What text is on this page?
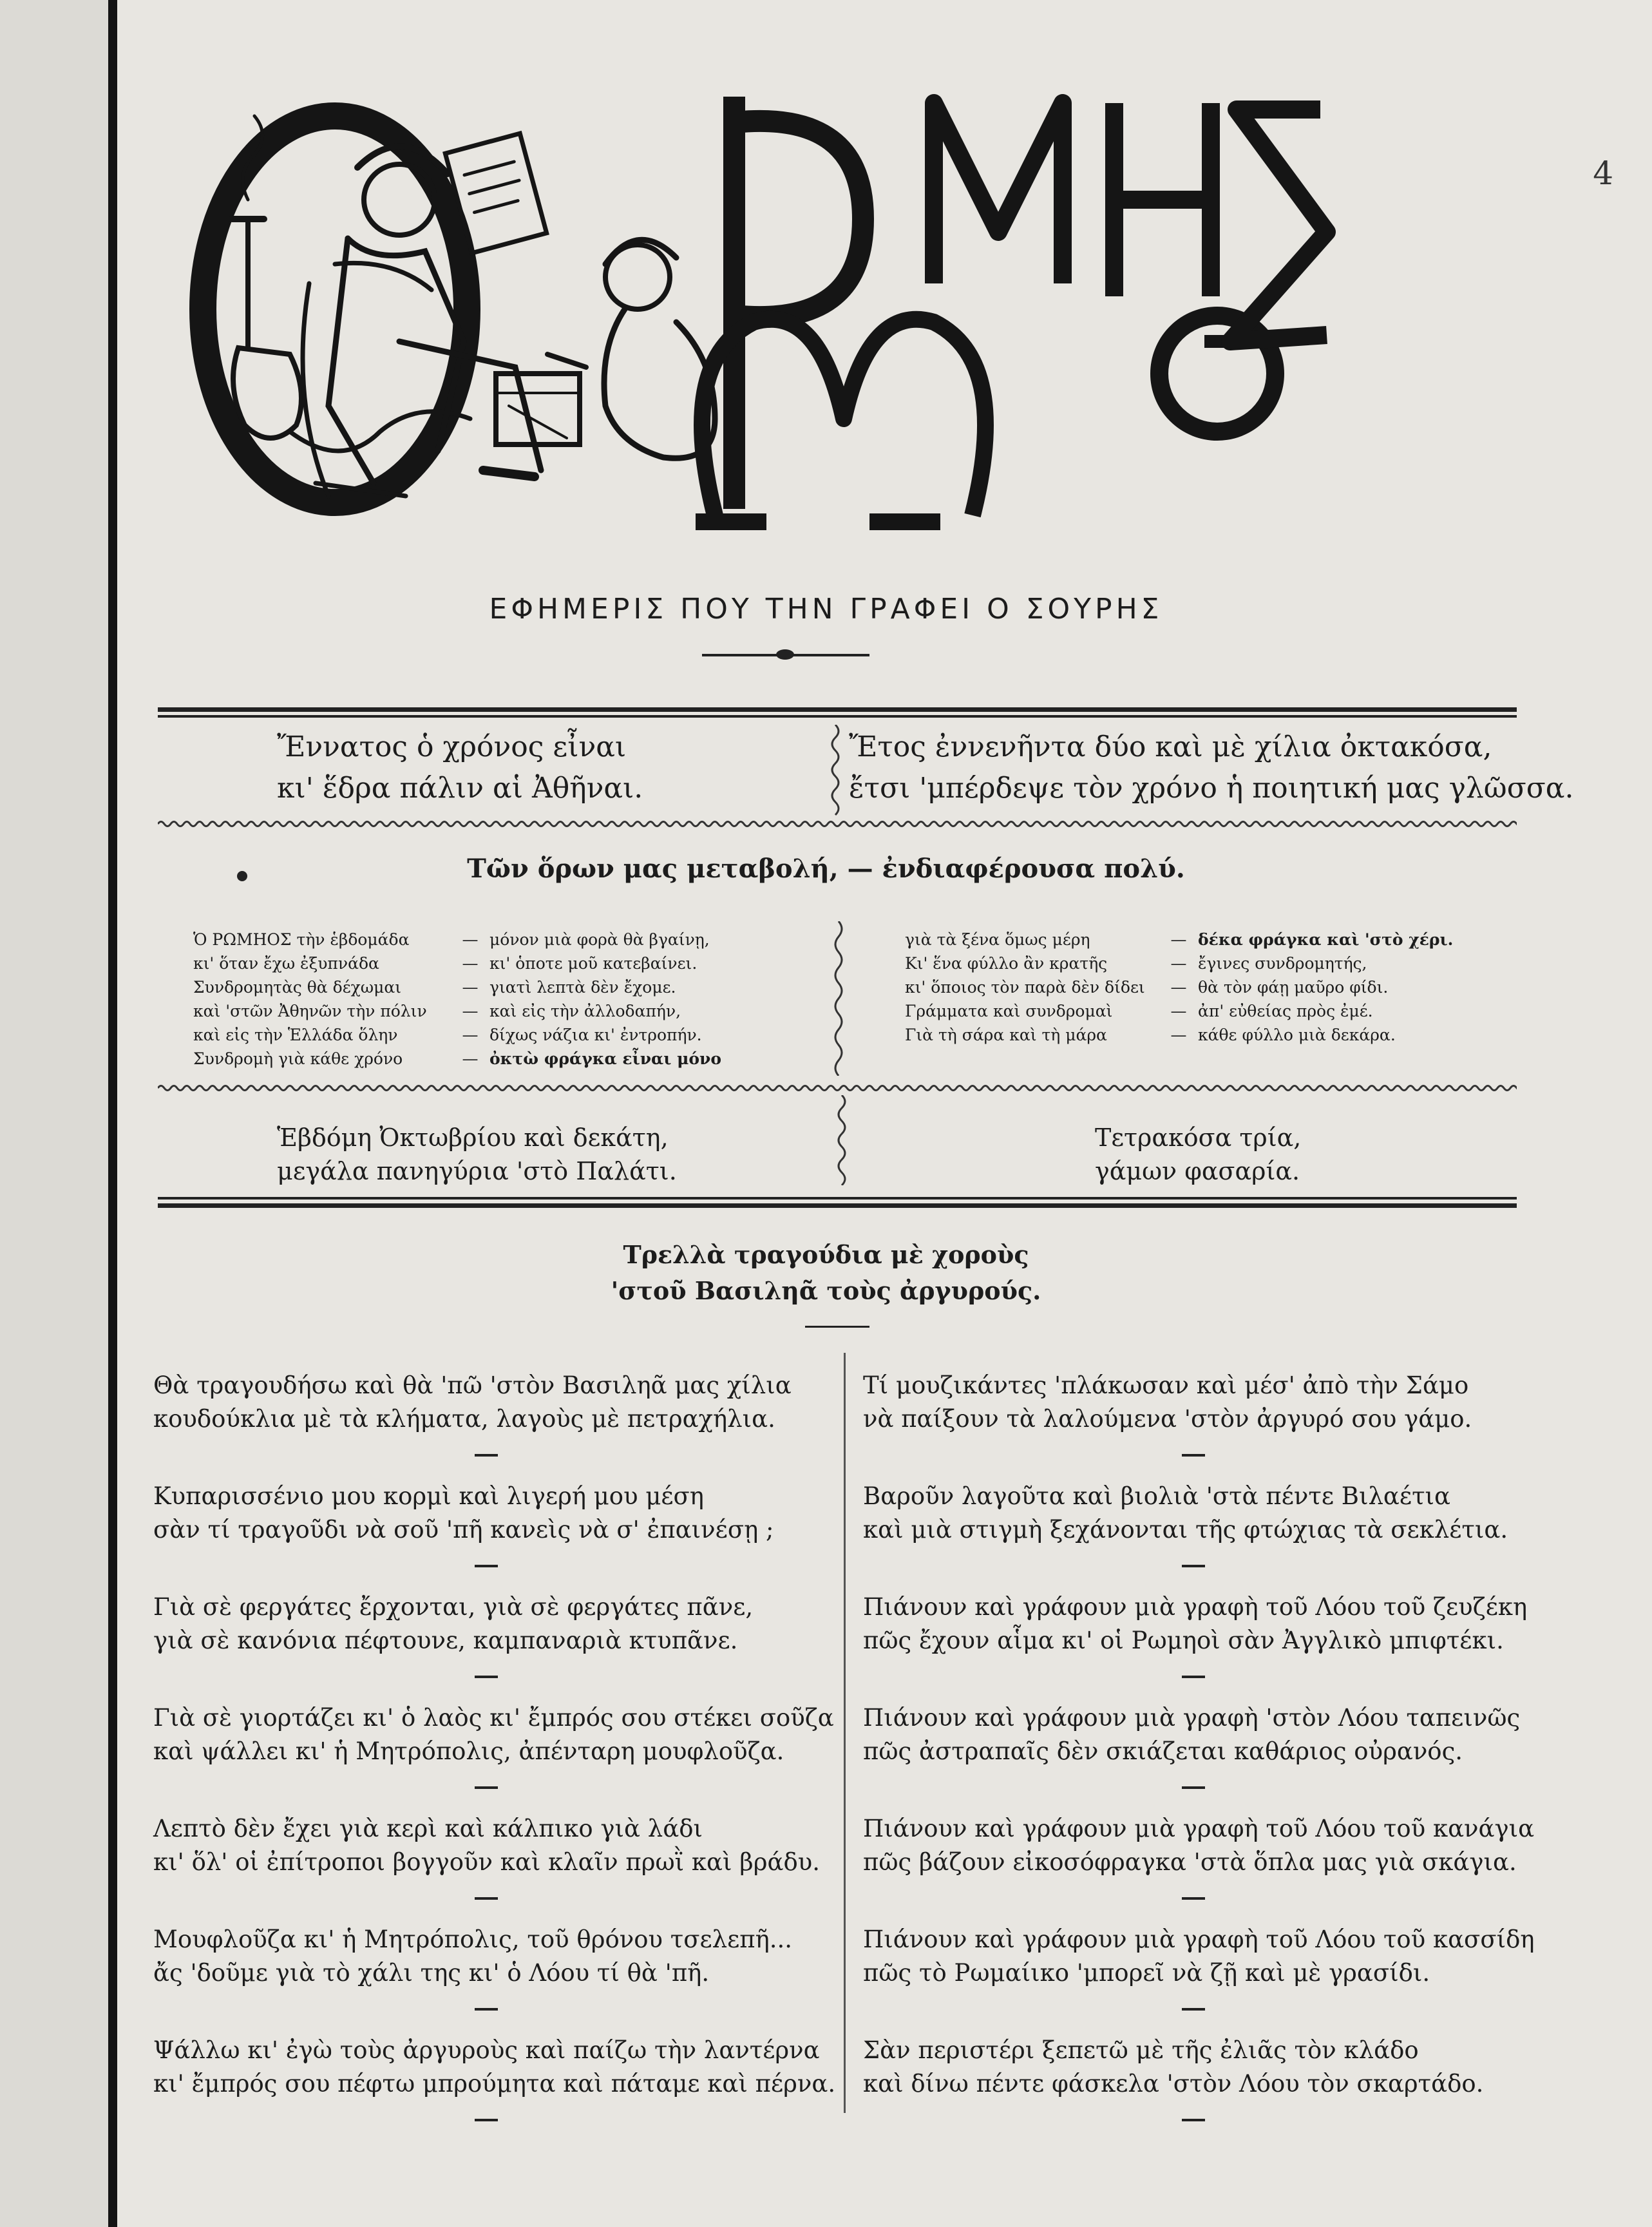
4
ΕΦΗΜΕΡΙΣ ΠΟΥ ΤΗΝ ΓΡΑΦΕΙ Ο ΣΟΥΡΗΣ
Ἔννατος ὁ χρόνος εἶναι
κι' ἕδρα πάλιν αἱ Ἀθῆναι.
Ἔτος ἐννενῆντα δύο καὶ μὲ χίλια ὀκτακόσα,
ἔτσι 'μπέρδεψε τὸν χρόνο ἡ ποιητική μας γλῶσσα.
Τῶν ὅρων μας μεταβολή, — ἐνδιαφέρουσα πολύ.
Ὁ ΡΩΜΗΟΣ τὴν ἑβδομάδα	— μόνον μιὰ φορὰ θὰ βγαίνῃ,
κι' ὅταν ἔχω ἐξυπνάδα	— κι' ὁποτε μοῦ κατεβαίνει.
Συνδρομητὰς θὰ δέχωμαι	— γιατὶ λεπτὰ δὲν ἔχομε.
καὶ 'στῶν Ἀθηνῶν τὴν πόλιν	— καὶ εἰς τὴν ἀλλοδαπήν,
καὶ εἰς τὴν Ἑλλάδα ὅλην	— δίχως νάζια κι' ἐντροπήν.
Συνδρομὴ γιὰ κάθε χρόνο	— ὀκτὼ φράγκα εἶναι μόνο
γιὰ τὰ ξένα ὅμως μέρη	— δέκα φράγκα καὶ 'στὸ χέρι.
Κι' ἕνα φύλλο ἂν κρατῆς	— ἔγινες συνδρομητής,
κι' ὅποιος τὸν παρὰ δὲν δίδει	— θὰ τὸν φάῃ μαῦρο φίδι.
Γράμματα καὶ συνδρομαὶ	— ἀπ' εὐθείας πρὸς ἐμέ.
Γιὰ τὴ σάρα καὶ τὴ μάρα	— κάθε φύλλο μιὰ δεκάρα.
Ἑβδόμη Ὀκτωβρίου καὶ δεκάτη,
μεγάλα πανηγύρια 'στὸ Παλάτι.
Τετρακόσα τρία,
γάμων φασαρία.
Τρελλὰ τραγούδια μὲ χοροὺς
'στοῦ Βασιληᾶ τοὺς ἀργυρούς.
Θὰ τραγουδήσω καὶ θὰ 'πῶ 'στὸν Βασιληᾶ μας χίλια
κουδούκλια μὲ τὰ κλήματα, λαγοὺς μὲ πετραχήλια.
Κυπαρισσένιο μου κορμὶ καὶ λιγερή μου μέση
σὰν τί τραγοῦδι νὰ σοῦ 'πῆ κανεὶς νὰ σ' ἐπαινέσῃ ;
Γιὰ σὲ φεργάτες ἔρχονται, γιὰ σὲ φεργάτες πᾶνε,
γιὰ σὲ κανόνια πέφτουνε, καμπαναριὰ κτυπᾶνε.
Γιὰ σὲ γιορτάζει κι' ὁ λαὸς κι' ἔμπρός σου στέκει σοῦζα
καὶ ψάλλει κι' ἡ Μητρόπολις, ἀπένταρη μουφλοῦζα.
Λεπτὸ δὲν ἔχει γιὰ κερὶ καὶ κάλπικο γιὰ λάδι
κι' ὅλ' οἱ ἐπίτροποι βογγοῦν καὶ κλαῖν πρωῒ καὶ βράδυ.
Μουφλοῦζα κι' ἡ Μητρόπολις, τοῦ θρόνου τσελεπῆ...
ἄς 'δοῦμε γιὰ τὸ χάλι της κι' ὁ Λόου τί θὰ 'πῆ.
Ψάλλω κι' ἐγὼ τοὺς ἀργυροὺς καὶ παίζω τὴν λαντέρνα
κι' ἔμπρός σου πέφτω μπρούμητα καὶ πάταμε καὶ πέρνα.
Τί μουζικάντες 'πλάκωσαν καὶ μέσ' ἀπὸ τὴν Σάμο
νὰ παίξουν τὰ λαλούμενα 'στὸν ἀργυρό σου γάμο.
Βαροῦν λαγοῦτα καὶ βιολιὰ 'στὰ πέντε Βιλαέτια
καὶ μιὰ στιγμὴ ξεχάνονται τῆς φτώχιας τὰ σεκλέτια.
Πιάνουν καὶ γράφουν μιὰ γραφὴ τοῦ Λόου τοῦ ζευζέκη
πῶς ἔχουν αἷμα κι' οἱ Ρωμηοὶ σὰν Ἀγγλικὸ μπιφτέκι.
Πιάνουν καὶ γράφουν μιὰ γραφὴ 'στὸν Λόου ταπεινῶς
πῶς ἀστραπαῖς δὲν σκιάζεται καθάριος οὐρανός.
Πιάνουν καὶ γράφουν μιὰ γραφὴ τοῦ Λόου τοῦ κανάγια
πῶς βάζουν εἰκοσόφραγκα 'στὰ ὅπλα μας γιὰ σκάγια.
Πιάνουν καὶ γράφουν μιὰ γραφὴ τοῦ Λόου τοῦ κασσίδη
πῶς τὸ Ρωμαίικο 'μπορεῖ νὰ ζῇ καὶ μὲ γρασίδι.
Σὰν περιστέρι ξεπετῶ μὲ τῆς ἐλιᾶς τὸν κλάδο
καὶ δίνω πέντε φάσκελα 'στὸν Λόου τὸν σκαρτάδο.
